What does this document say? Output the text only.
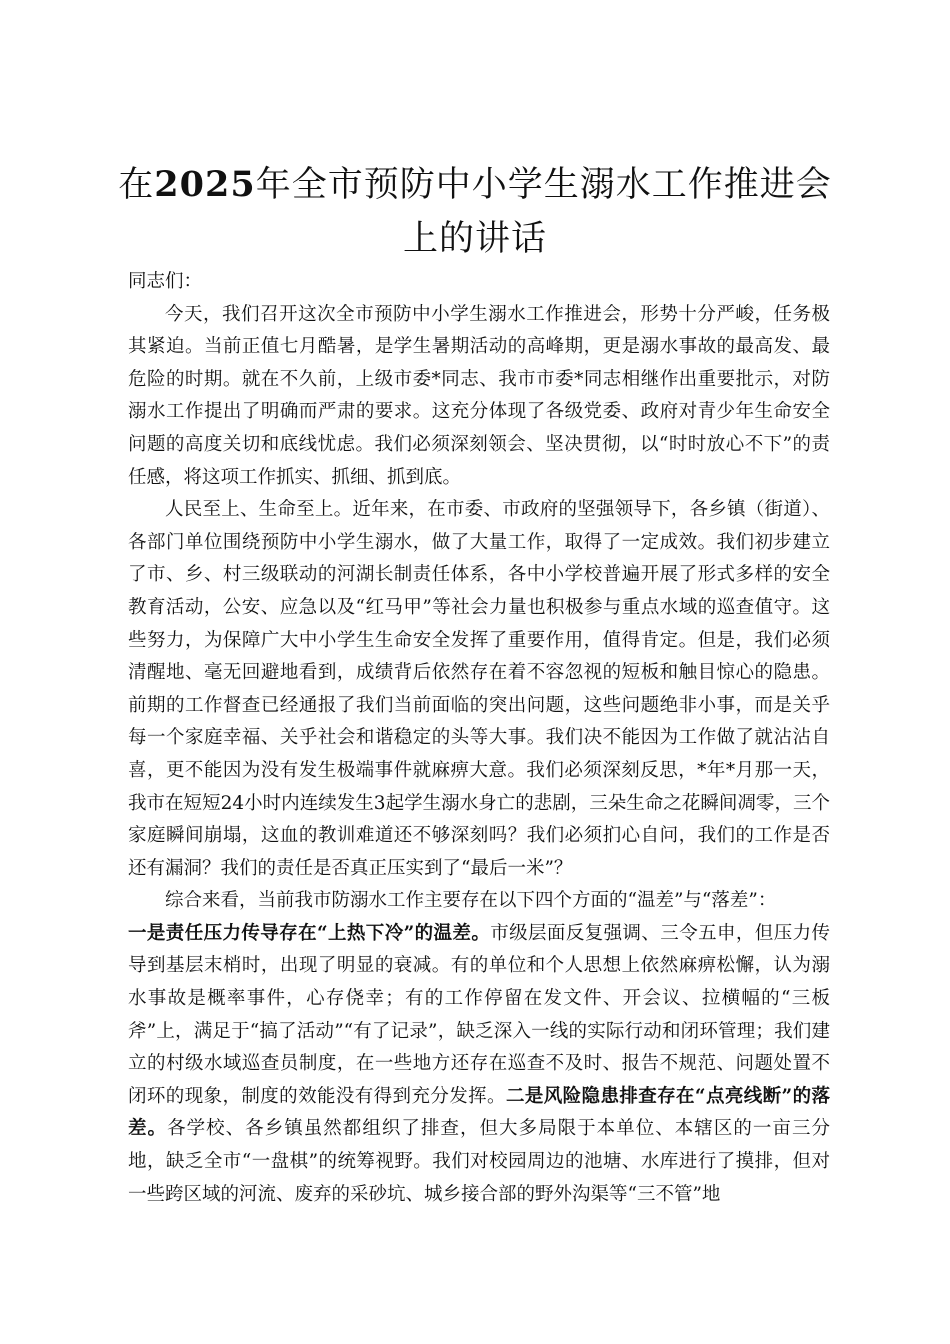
在2025年全市预防中小学生溺水工作推进会上的讲话

同志们：

今天，我们召开这次全市预防中小学生溺水工作推进会，形势十分严峻，任务极其紧迫。当前正值七月酷暑，是学生暑期活动的高峰期，更是溺水事故的最高发、最危险的时期。就在不久前，上级市委*同志、我市市委*同志相继作出重要批示，对防溺水工作提出了明确而严肃的要求。这充分体现了各级党委、政府对青少年生命安全问题的高度关切和底线忧虑。我们必须深刻领会、坚决贯彻，以“时时放心不下”的责任感，将这项工作抓实、抓细、抓到底。

人民至上、生命至上。近年来，在市委、市政府的坚强领导下，各乡镇（街道）、各部门单位围绕预防中小学生溺水，做了大量工作，取得了一定成效。我们初步建立了市、乡、村三级联动的河湖长制责任体系，各中小学校普遍开展了形式多样的安全教育活动，公安、应急以及“红马甲”等社会力量也积极参与重点水域的巡查值守。这些努力，为保障广大中小学生生命安全发挥了重要作用，值得肯定。但是，我们必须清醒地、毫无回避地看到，成绩背后依然存在着不容忽视的短板和触目惊心的隐患。前期的工作督查已经通报了我们当前面临的突出问题，这些问题绝非小事，而是关乎每一个家庭幸福、关乎社会和谐稳定的头等大事。我们决不能因为工作做了就沾沾自喜，更不能因为没有发生极端事件就麻痹大意。我们必须深刻反思，*年*月那一天，我市在短短24小时内连续发生3起学生溺水身亡的悲剧，三朵生命之花瞬间凋零，三个家庭瞬间崩塌，这血的教训难道还不够深刻吗？我们必须扪心自问，我们的工作是否还有漏洞？我们的责任是否真正压实到了“最后一米”？

综合来看，当前我市防溺水工作主要存在以下四个方面的“温差”与“落差”：

一是责任压力传导存在“上热下冷”的温差。市级层面反复强调、三令五申，但压力传导到基层末梢时，出现了明显的衰减。有的单位和个人思想上依然麻痹松懈，认为溺水事故是概率事件，心存侥幸；有的工作停留在发文件、开会议、拉横幅的“三板斧”上，满足于“搞了活动”“有了记录”，缺乏深入一线的实际行动和闭环管理；我们建立的村级水域巡查员制度，在一些地方还存在巡查不及时、报告不规范、问题处置不闭环的现象，制度的效能没有得到充分发挥。二是风险隐患排查存在“点亮线断”的落差。各学校、各乡镇虽然都组织了排查，但大多局限于本单位、本辖区的一亩三分地，缺乏全市“一盘棋”的统筹视野。我们对校园周边的池塘、水库进行了摸排，但对一些跨区域的河流、废弃的采砂坑、城乡接合部的野外沟渠等“三不管”地
